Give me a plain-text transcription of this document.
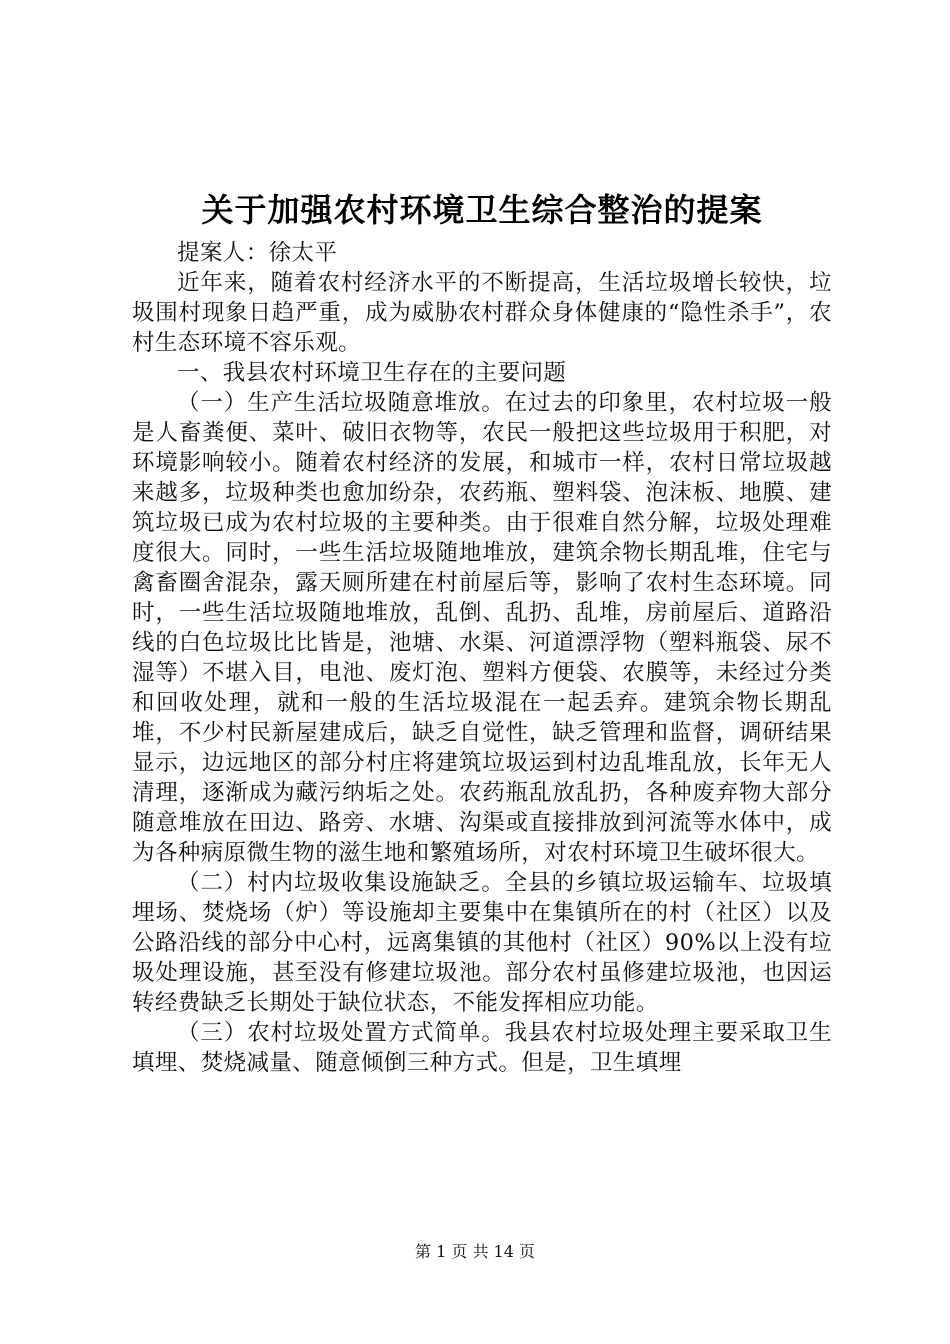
关于加强农村环境卫生综合整治的提案

提案人：徐太平

近年来，随着农村经济水平的不断提高，生活垃圾增长较快，垃圾围村现象日趋严重，成为威胁农村群众身体健康的“隐性杀手”，农村生态环境不容乐观。

一、我县农村环境卫生存在的主要问题

（一）生产生活垃圾随意堆放。在过去的印象里，农村垃圾一般是人畜粪便、菜叶、破旧衣物等，农民一般把这些垃圾用于积肥，对环境影响较小。随着农村经济的发展，和城市一样，农村日常垃圾越来越多，垃圾种类也愈加纷杂，农药瓶、塑料袋、泡沫板、地膜、建筑垃圾已成为农村垃圾的主要种类。由于很难自然分解，垃圾处理难度很大。同时，一些生活垃圾随地堆放，建筑余物长期乱堆，住宅与禽畜圈舍混杂，露天厕所建在村前屋后等，影响了农村生态环境。同时，一些生活垃圾随地堆放，乱倒、乱扔、乱堆，房前屋后、道路沿线的白色垃圾比比皆是，池塘、水渠、河道漂浮物（塑料瓶袋、尿不湿等）不堪入目，电池、废灯泡、塑料方便袋、农膜等，未经过分类和回收处理，就和一般的生活垃圾混在一起丢弃。建筑余物长期乱堆，不少村民新屋建成后，缺乏自觉性，缺乏管理和监督，调研结果显示，边远地区的部分村庄将建筑垃圾运到村边乱堆乱放，长年无人清理，逐渐成为藏污纳垢之处。农药瓶乱放乱扔，各种废弃物大部分随意堆放在田边、路旁、水塘、沟渠或直接排放到河流等水体中，成为各种病原微生物的滋生地和繁殖场所，对农村环境卫生破坏很大。

（二）村内垃圾收集设施缺乏。全县的乡镇垃圾运输车、垃圾填埋场、焚烧场（炉）等设施却主要集中在集镇所在的村（社区）以及公路沿线的部分中心村，远离集镇的其他村（社区）90%以上没有垃圾处理设施，甚至没有修建垃圾池。部分农村虽修建垃圾池，也因运转经费缺乏长期处于缺位状态，不能发挥相应功能。

（三）农村垃圾处置方式简单。我县农村垃圾处理主要采取卫生填埋、焚烧减量、随意倾倒三种方式。但是，卫生填埋

第 1 页 共 14 页
